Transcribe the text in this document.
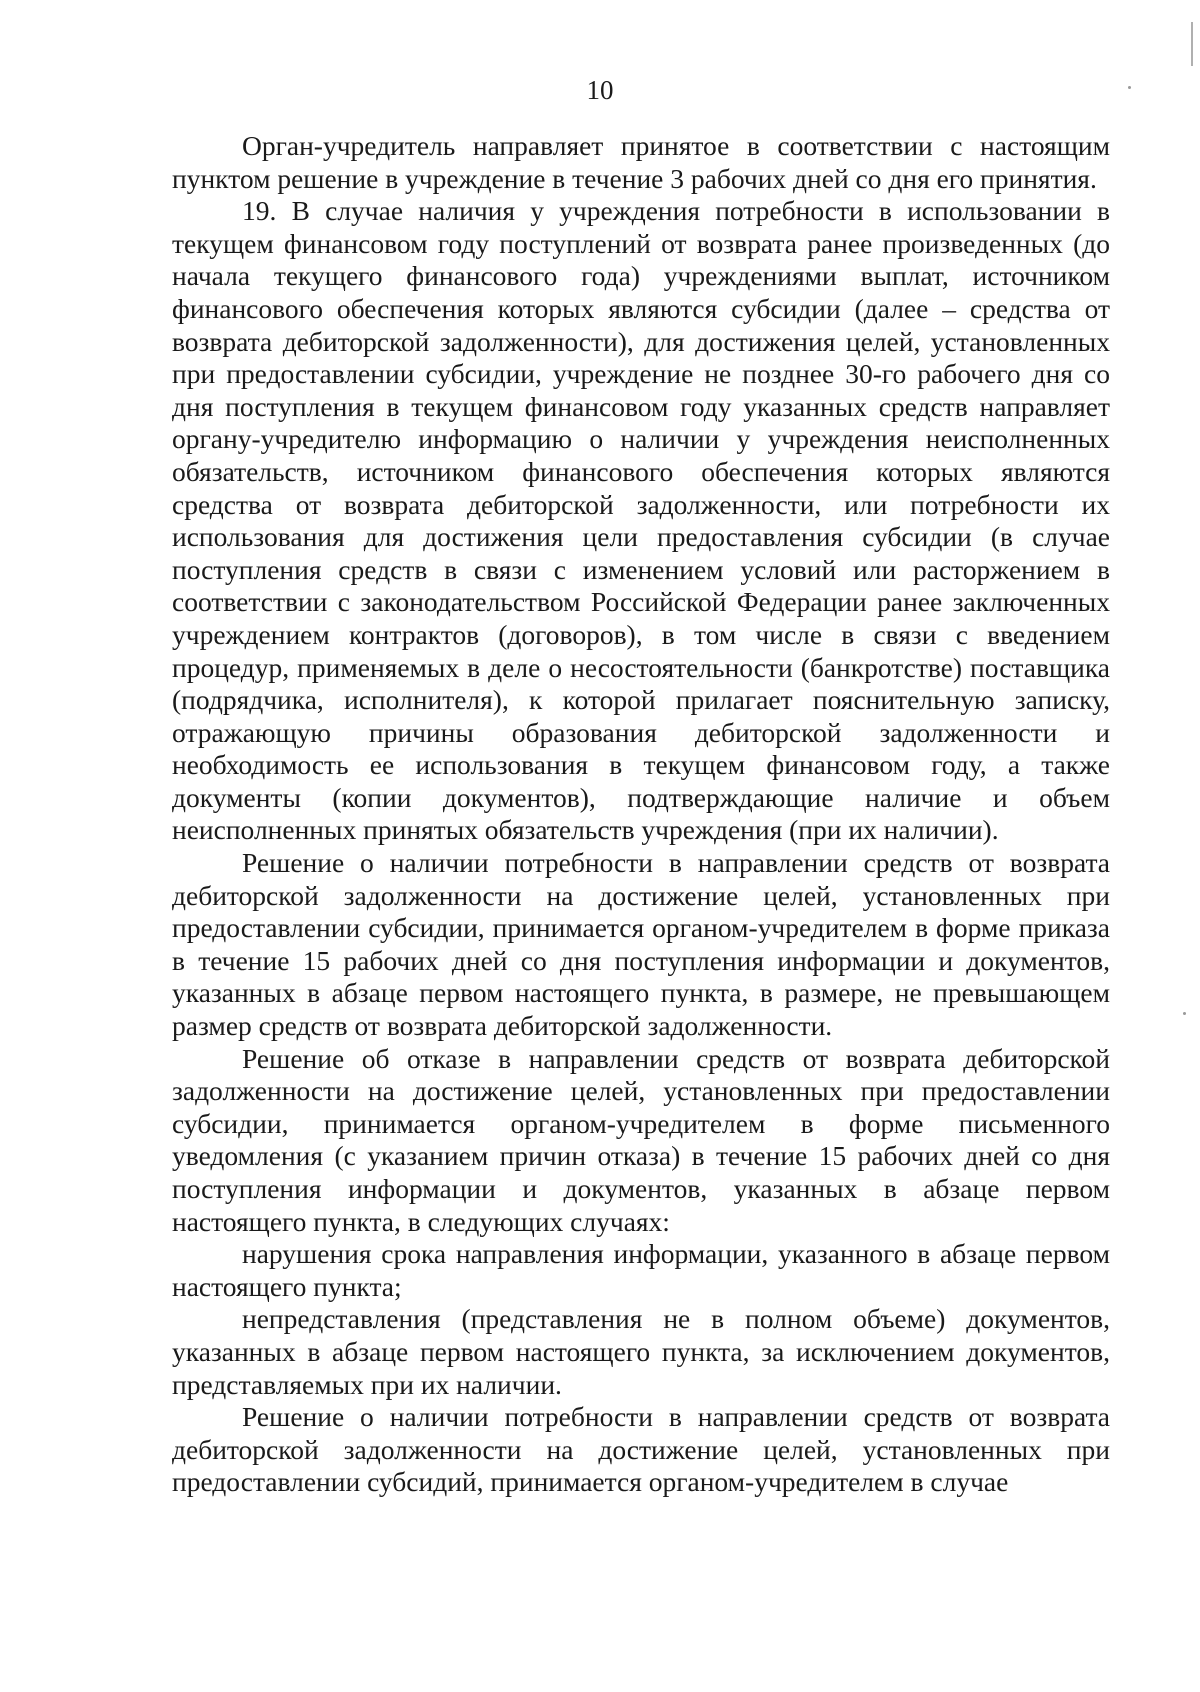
10

Орган-учредитель направляет принятое в соответствии с настоящим пунктом решение в учреждение в течение 3 рабочих дней со дня его принятия.

19. В случае наличия у учреждения потребности в использовании в текущем финансовом году поступлений от возврата ранее произведенных (до начала текущего финансового года) учреждениями выплат, источником финансового обеспечения которых являются субсидии (далее – средства от возврата дебиторской задолженности), для достижения целей, установленных при предоставлении субсидии, учреждение не позднее 30-го рабочего дня со дня поступления в текущем финансовом году указанных средств направляет органу-учредителю информацию о наличии у учреждения неисполненных обязательств, источником финансового обеспечения которых являются средства от возврата дебиторской задолженности, или потребности их использования для достижения цели предоставления субсидии (в случае поступления средств в связи с изменением условий или расторжением в соответствии с законодательством Российской Федерации ранее заключенных учреждением контрактов (договоров), в том числе в связи с введением процедур, применяемых в деле о несостоятельности (банкротстве) поставщика (подрядчика, исполнителя), к которой прилагает пояснительную записку, отражающую причины образования дебиторской задолженности и необходимость ее использования в текущем финансовом году, а также документы (копии документов), подтверждающие наличие и объем неисполненных принятых обязательств учреждения (при их наличии).

Решение о наличии потребности в направлении средств от возврата дебиторской задолженности на достижение целей, установленных при предоставлении субсидии, принимается органом-учредителем в форме приказа в течение 15 рабочих дней со дня поступления информации и документов, указанных в абзаце первом настоящего пункта, в размере, не превышающем размер средств от возврата дебиторской задолженности.

Решение об отказе в направлении средств от возврата дебиторской задолженности на достижение целей, установленных при предоставлении субсидии, принимается органом-учредителем в форме письменного уведомления (с указанием причин отказа) в течение 15 рабочих дней со дня поступления информации и документов, указанных в абзаце первом настоящего пункта, в следующих случаях:

нарушения срока направления информации, указанного в абзаце первом настоящего пункта;

непредставления (представления не в полном объеме) документов, указанных в абзаце первом настоящего пункта, за исключением документов, представляемых при их наличии.

Решение о наличии потребности в направлении средств от возврата дебиторской задолженности на достижение целей, установленных при предоставлении субсидий, принимается органом-учредителем в случае
